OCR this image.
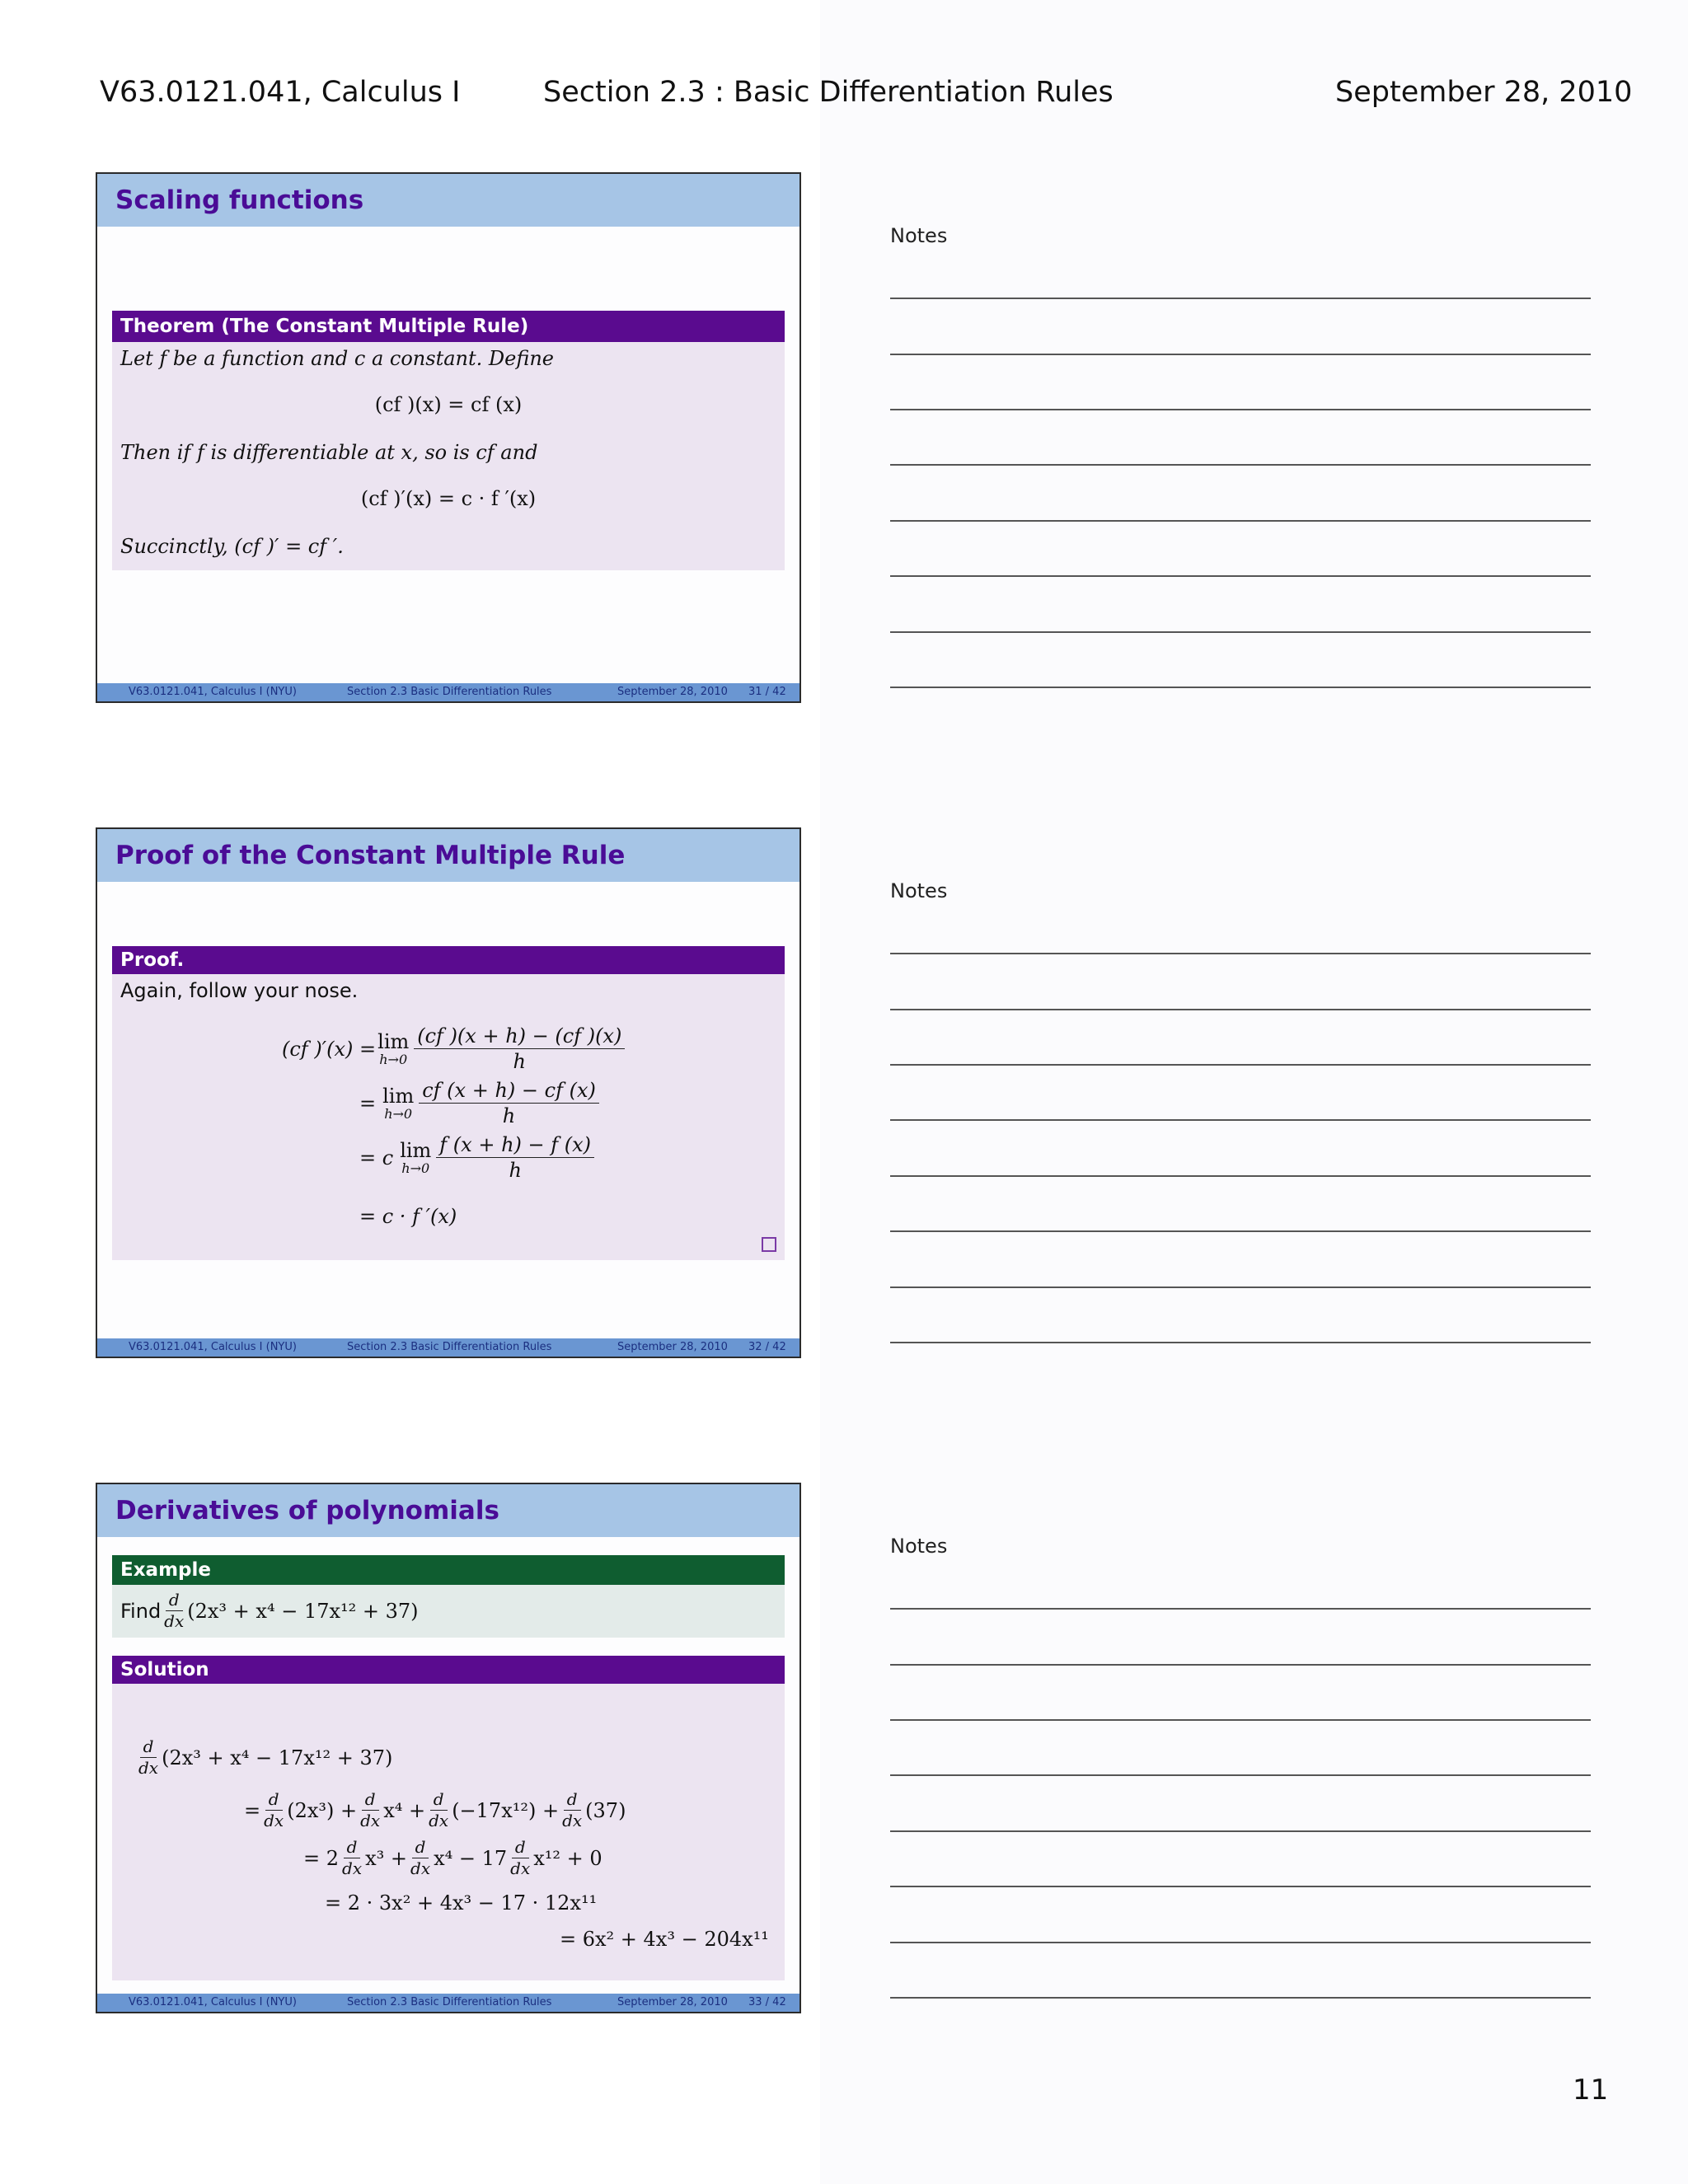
V63.0121.041, Calculus I	Section 2.3 : Basic Differentiation Rules	September 28, 2010
Scaling functions
Theorem (The Constant Multiple Rule)
Let f be a function and c a constant. Define
(cf )(x) = cf (x)
Then if f is differentiable at x, so is cf and
(cf )′(x) = c · f ′(x)
Succinctly, (cf )′ = cf ′.
V63.0121.041, Calculus I (NYU)	Section 2.3 Basic Differentiation Rules	September 28, 2010 31 / 42
Proof of the Constant Multiple Rule
Proof.
Again, follow your nose.
(cf )′(x) = lim
$h\to 0 \frac{(cf )(x + h) - (cf )(x)}{h}$
= lim
$h\to 0 \frac{cf (x + h) - cf (x)}{h}$
= c lim
$h\to 0 \frac{f (x + h) - f (x)}{h}$
= c · f ′(x)
V63.0121.041, Calculus I (NYU)	Section 2.3 Basic Differentiation Rules	September 28, 2010 32 / 42
Derivatives of polynomials
Example
Find $\frac{d}{dx} (2x^3 + x^4 - 17x^{12} + 37)$
Solution
$\frac{d}{dx} (2x^3 + x^4 - 17x^{12} + 37)$
= $\frac{d}{dx} (2x^3) + \frac{d}{dx} x^4 + \frac{d}{dx} (-17x^{12}) + \frac{d}{dx} (37)$
= $2 \frac{d}{dx} x^3 + \frac{d}{dx} x^4 - 17 \frac{d}{dx} x^{12} + 0$
= 2 · 3x² + 4x³ − 17 · 12x¹¹
= 6x² + 4x³ − 204x¹¹
V63.0121.041, Calculus I (NYU)	Section 2.3 Basic Differentiation Rules	September 28, 2010 33 / 42
Notes
Notes
Notes
11
